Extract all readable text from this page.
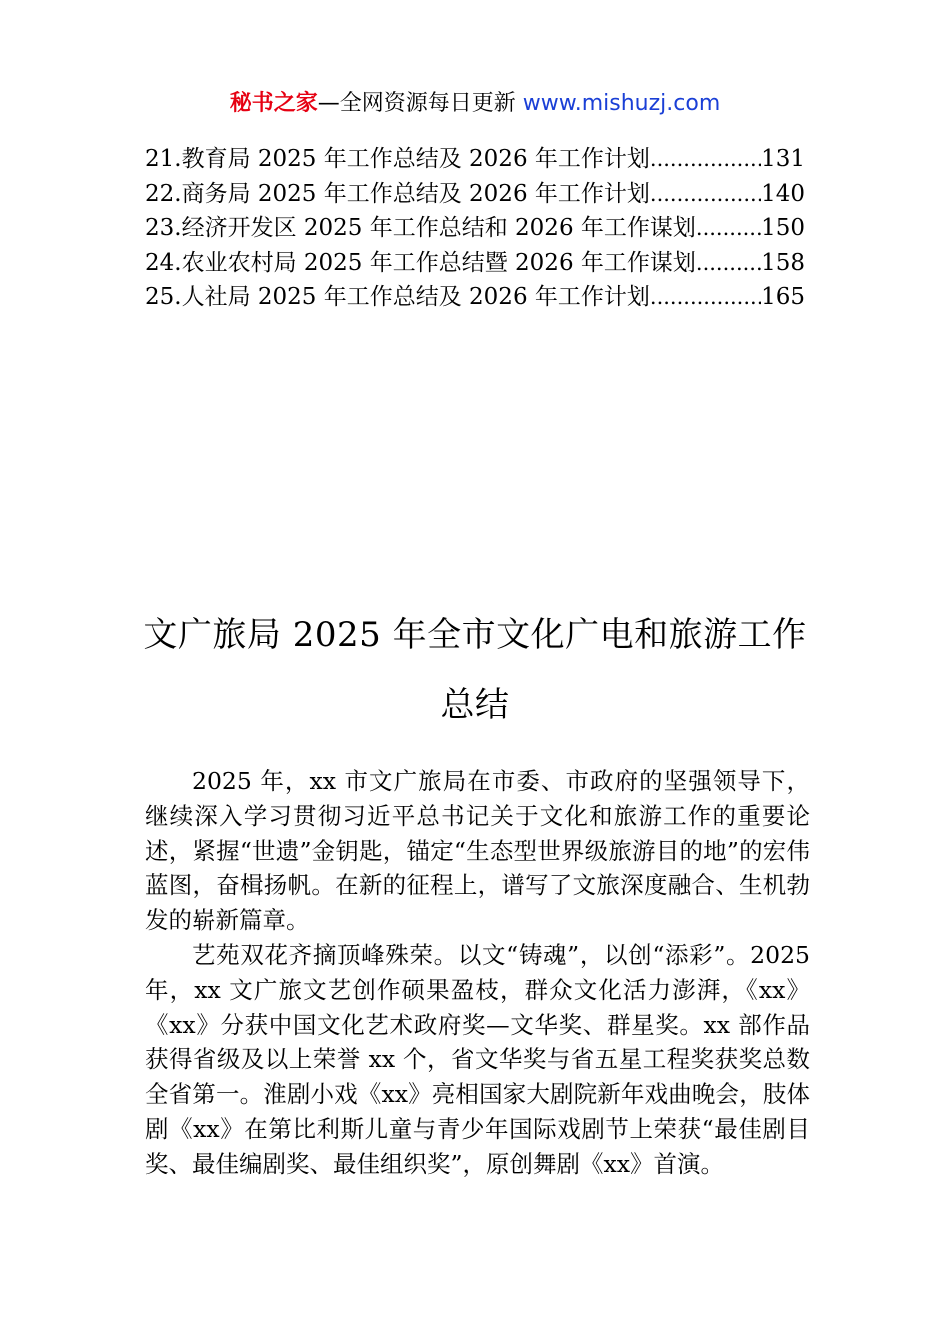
秘书之家—全网资源每日更新 www.mishuzj.com
21.教育局 2025 年工作总结及 2026 年工作计划 .....	131
22.商务局 2025 年工作总结及 2026 年工作计划 .....	140
23.经济开发区 2025 年工作总结和 2026 年工作谋划 .....	150
24.农业农村局 2025 年工作总结暨 2026 年工作谋划 .....	158
25.人社局 2025 年工作总结及 2026 年工作计划 .....	165
文广旅局 2025 年全市文化广电和旅游工作
总结

2025 年，xx 市文广旅局在市委、市政府的坚强领导下，继续深入学习贯彻习近平总书记关于文化和旅游工作的重要论述，紧握“世遗”金钥匙，锚定“生态型世界级旅游目的地”的宏伟蓝图，奋楫扬帆。在新的征程上，谱写了文旅深度融合、生机勃发的崭新篇章。

艺苑双花齐摘顶峰殊荣。以文“铸魂”，以创“添彩”。2025 年，xx 文广旅文艺创作硕果盈枝，群众文化活力澎湃，《xx》《xx》分获中国文化艺术政府奖—文华奖、群星奖。xx 部作品获得省级及以上荣誉 xx 个，省文华奖与省五星工程奖获奖总数全省第一。淮剧小戏《xx》亮相国家大剧院新年戏曲晚会，肢体剧《xx》在第比利斯儿童与青少年国际戏剧节上荣获“最佳剧目奖、最佳编剧奖、最佳组织奖”，原创舞剧《xx》首演。
